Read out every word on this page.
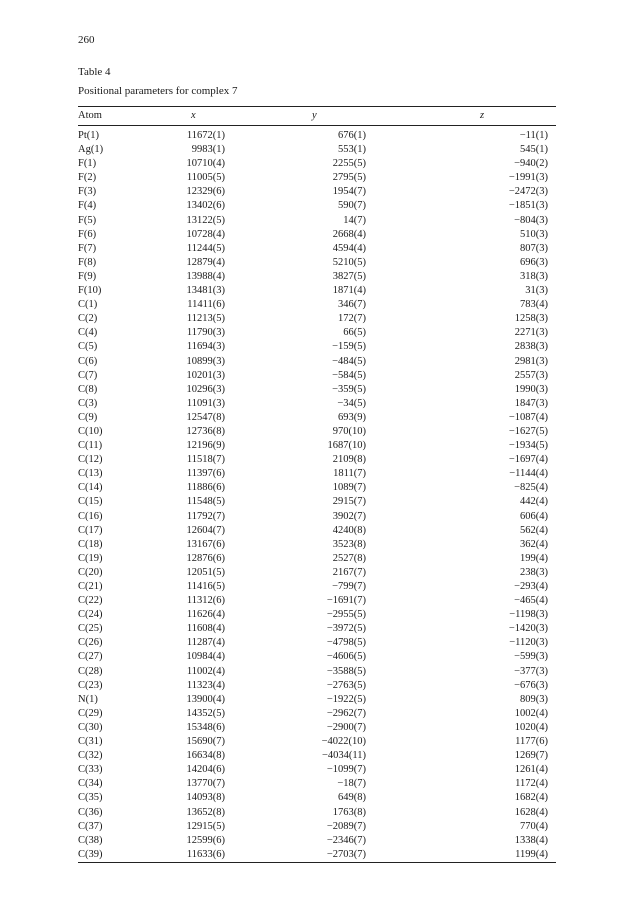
260
Table 4
Positional parameters for complex 7
Atom	x	y	z
Pt(1)	11672(1)	676(1)	−11(1)
Ag(1)	9983(1)	553(1)	545(1)
F(1)	10710(4)	2255(5)	−940(2)
F(2)	11005(5)	2795(5)	−1991(3)
F(3)	12329(6)	1954(7)	−2472(3)
F(4)	13402(6)	590(7)	−1851(3)
F(5)	13122(5)	14(7)	−804(3)
F(6)	10728(4)	2668(4)	510(3)
F(7)	11244(5)	4594(4)	807(3)
F(8)	12879(4)	5210(5)	696(3)
F(9)	13988(4)	3827(5)	318(3)
F(10)	13481(3)	1871(4)	31(3)
C(1)	11411(6)	346(7)	783(4)
C(2)	11213(5)	172(7)	1258(3)
C(4)	11790(3)	66(5)	2271(3)
C(5)	11694(3)	−159(5)	2838(3)
C(6)	10899(3)	−484(5)	2981(3)
C(7)	10201(3)	−584(5)	2557(3)
C(8)	10296(3)	−359(5)	1990(3)
C(3)	11091(3)	−34(5)	1847(3)
C(9)	12547(8)	693(9)	−1087(4)
C(10)	12736(8)	970(10)	−1627(5)
C(11)	12196(9)	1687(10)	−1934(5)
C(12)	11518(7)	2109(8)	−1697(4)
C(13)	11397(6)	1811(7)	−1144(4)
C(14)	11886(6)	1089(7)	−825(4)
C(15)	11548(5)	2915(7)	442(4)
C(16)	11792(7)	3902(7)	606(4)
C(17)	12604(7)	4240(8)	562(4)
C(18)	13167(6)	3523(8)	362(4)
C(19)	12876(6)	2527(8)	199(4)
C(20)	12051(5)	2167(7)	238(3)
C(21)	11416(5)	−799(7)	−293(4)
C(22)	11312(6)	−1691(7)	−465(4)
C(24)	11626(4)	−2955(5)	−1198(3)
C(25)	11608(4)	−3972(5)	−1420(3)
C(26)	11287(4)	−4798(5)	−1120(3)
C(27)	10984(4)	−4606(5)	−599(3)
C(28)	11002(4)	−3588(5)	−377(3)
C(23)	11323(4)	−2763(5)	−676(3)
N(1)	13900(4)	−1922(5)	809(3)
C(29)	14352(5)	−2962(7)	1002(4)
C(30)	15348(6)	−2900(7)	1020(4)
C(31)	15690(7)	−4022(10)	1177(6)
C(32)	16634(8)	−4034(11)	1269(7)
C(33)	14204(6)	−1099(7)	1261(4)
C(34)	13770(7)	−18(7)	1172(4)
C(35)	14093(8)	649(8)	1682(4)
C(36)	13652(8)	1763(8)	1628(4)
C(37)	12915(5)	−2089(7)	770(4)
C(38)	12599(6)	−2346(7)	1338(4)
C(39)	11633(6)	−2703(7)	1199(4)
